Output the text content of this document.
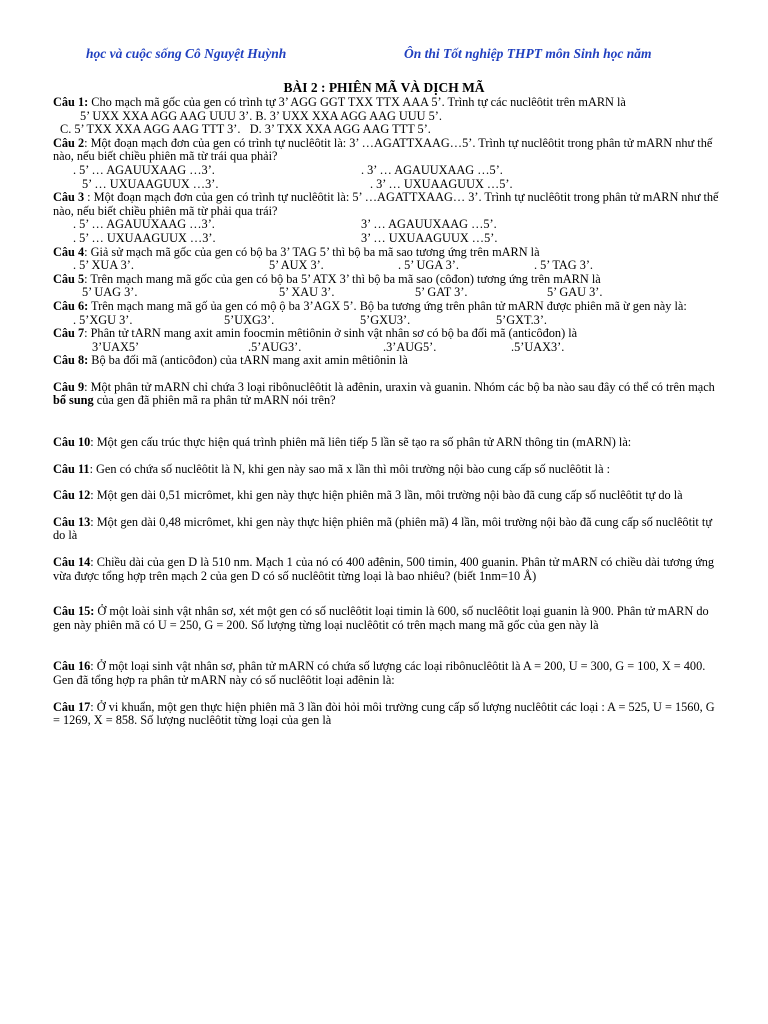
học và cuộc sống Cô Nguyệt Huỳnh	Ôn thi Tốt nghiệp THPT môn Sinh học năm
BÀI 2 : PHIÊN MÃ VÀ DỊCH MÃ

Câu 1: Cho mạch mã gốc của gen có trình tự 3’ AGG GGT TXX TTX AAA 5’. Trình tự các nuclêôtit trên mARN là

5’ UXX XXA AGG AAG UUU 3’. B. 3’ UXX XXA AGG AAG UUU 5’.

C. 5’ TXX XXA AGG AAG TTT 3’. D. 3’ TXX XXA AGG AAG TTT 5’.

Câu 2: Một đoạn mạch đơn của gen có trình tự nuclêôtit là: 3’ …AGATTXAAG…5’. Trình tự nuclêôtit trong phân tử mARN như thế nào, nếu biết chiều phiên mã từ trái qua phải?

. 5’ … AGAUUXAAG …3’.	. 3’ … AGAUUXAAG …5’.

5’ … UXUAAGUUX …3’.	. 3’ … UXUAAGUUX …5’.

Câu 3 : Một đoạn mạch đơn của gen có trình tự nuclêôtit là: 5’ …AGATTXAAG… 3’. Trình tự nuclêôtit trong phân tử mARN như thế nào, nếu biết chiều phiên mã từ phải qua trái?

. 5’ … AGAUUXAAG …3’.	3’ … AGAUUXAAG …5’.

. 5’ … UXUAAGUUX …3’.	3’ … UXUAAGUUX …5’.

Câu 4: Giả sử mạch mã gốc của gen có bộ ba 3’ TAG 5’ thì bộ ba mã sao tương ứng trên mARN là

. 5’ XUA 3’.	5’ AUX 3’.	. 5’ UGA 3’.	. 5’ TAG 3’.

Câu 5: Trên mạch mang mã gốc của gen có bộ ba 5’ ATX 3’ thì bộ ba mã sao (côđon) tương ứng trên mARN là

5’ UAG 3’.	5’ XAU 3’.	5’ GAT 3’.	5’ GAU 3’.

Câu 6: Trên mạch mang mã gố ủa gen có mộ ộ ba 3’AGX 5’. Bộ ba tương ứng trên phân tử mARN được phiên mã ừ gen này là:

. 5’XGU 3’.	5’UXG3’.	5’GXU3’.	5’GXT.3’.

Câu 7: Phân tử tARN mang axit amin foocmin mêtiônin ở sinh vật nhân sơ có bộ ba đối mã (anticôđon) là

3’UAX5’	.5’AUG3’.	.3’AUG5’.	.5’UAX3’.

Câu 8: Bộ ba đối mã (anticôđon) của tARN mang axit amin mêtiônin là

Câu 9: Một phân tử mARN chỉ chứa 3 loại ribônuclêôtit là ađênin, uraxin và guanin. Nhóm các bộ ba nào sau đây có thể có trên mạch bổ sung của gen đã phiên mã ra phân tử mARN nói trên?

Câu 10: Một gen cấu trúc thực hiện quá trình phiên mã liên tiếp 5 lần sẽ tạo ra số phân tử ARN thông tin (mARN) là:

Câu 11: Gen có chứa số nuclêôtit là N, khi gen này sao mã x lần thì môi trường nội bào cung cấp số nuclêôtit là :

Câu 12: Một gen dài 0,51 micrômet, khi gen này thực hiện phiên mã 3 lần, môi trường nội bào đã cung cấp số nuclêôtit tự do là

Câu 13: Một gen dài 0,48 micrômet, khi gen này thực hiện phiên mã (phiên mã) 4 lần, môi trường nội bào đã cung cấp số nuclêôtit tự do là

Câu 14: Chiều dài của gen D là 510 nm. Mạch 1 của nó có 400 ađênin, 500 timin, 400 guanin. Phân tử mARN có chiều dài tương ứng vừa được tổng hợp trên mạch 2 của gen D có số nuclêôtit từng loại là bao nhiêu? (biết 1nm=10 Å)

Câu 15: Ở một loài sinh vật nhân sơ, xét một gen có số nuclêôtit loại timin là 600, số nuclêôtit loại guanin là 900. Phân tử mARN do gen này phiên mã có U = 250, G = 200. Số lượng từng loại nuclêôtit có trên mạch mang mã gốc của gen này là

Câu 16: Ở một loại sinh vật nhân sơ, phân tử mARN có chứa số lượng các loại ribônuclêôtit là A = 200, U = 300, G = 100, X = 400. Gen đã tổng hợp ra phân tử mARN này có số nuclêôtit loại ađênin là:

Câu 17: Ở vi khuẩn, một gen thực hiện phiên mã 3 lần đòi hỏi môi trường cung cấp số lượng nuclêôtit các loại : A = 525, U = 1560, G = 1269, X = 858. Số lượng nuclêôtit từng loại của gen là
